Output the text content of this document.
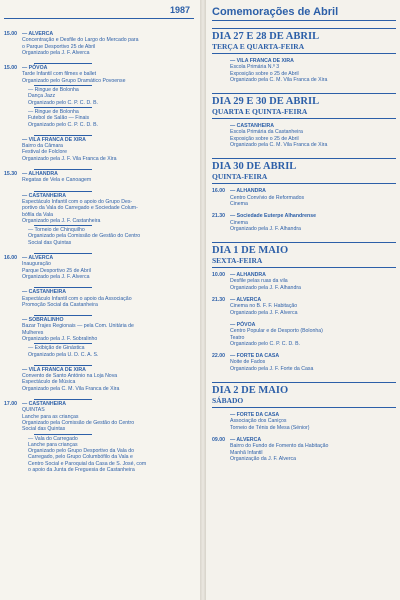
1987
15.00 — ALVERCA
Concentração e Desfile do Largo do Mercado para
o Parque Desportivo 25 de Abril
Organizado pela J. F. Alverca
15.00 — PÓVOA
Tarde Infantil com filmes e ballet
Organizado pelo Grupo Dramático Povoense
— Ringue de Bolonha
Dança Jazz
Organizado pelo C. P. C. D. B.
— Ringue de Bolonha
Futebol de Salão — Finais
Organizado pelo C. P. C. D. B.
— VILA FRANCA DE XIRA
Bairro da Câmara
Festival de Folclore
Organizado pela J. F. Vila Franca de Xira
15.30 — ALHANDRA
Regatas de Vela e Canoagem
— CASTANHEIRA
Espectáculo Infantil com o apoio do Grupo Des-
portivo da Vala do Carregado e Sociedade Colum-
bófila da Vala
Organizado pela J. F. Castanheira
— Torneio de Chinquilho
Organizado pela Comissão de Gestão do Centro
Social das Quintas
16.00 — ALVERCA
Inauguração
Parque Desportivo 25 de Abril
Organizado pela J. F. Alverca
— CASTANHEIRA
Espectáculo Infantil com o apoio da Associação
Promoção Social da Castanheira
— SOBRALINHO
Bazar Trajes Regionais — pela Com. Unitária de
Mulheres
Organizado pela J. F. Sobralinho
— Exibição de Ginástica
Organizado pela U. D. C. A. S.
— VILA FRANCA DE XIRA
Convento de Santo António na Loja Nova
Espectáculo de Música
Organizado pela C. M. Vila Franca de Xira
17.00 — CASTANHEIRA
QUINTAS
Lanche para as crianças
Organizado pela Comissão de Gestão do Centro
Social das Quintas
— Vala do Carregado
Lanche para crianças
Organizado pelo Grupo Desportivo da Vala do
Carregado, pelo Grupo Columbófilo da Vala e
Centro Social e Paroquial da Casa de S. José, com
o apoio da Junta de Freguesia de Castanheira
Comemorações de Abril
DIA 27 E 28 DE ABRIL
TERÇA E QUARTA-FEIRA
— VILA FRANCA DE XIRA
Escola Primária N.º 3
Exposição sobre o 25 de Abril
Organizado pela C. M. Vila Franca de Xira
DIA 29 E 30 DE ABRIL
QUARTA E QUINTA-FEIRA
— CASTANHEIRA
Escola Primária da Castanheira
Exposição sobre o 25 de Abril
Organizado pela C. M. Vila Franca de Xira
DIA 30 DE ABRIL
QUINTA-FEIRA
16.00 — ALHANDRA
Centro Convívio de Reformados
Cinema
21.30 — Sociedade Euterpe Alhandrense
Cinema
Organizado pela J. F. Alhandra
DIA 1 DE MAIO
SEXTA-FEIRA
10.00 — ALHANDRA
Desfile pelas ruas da vila
Organizado pela J. F. Alhandra
21.30 — ALVERCA
Cinema no B. F. F. Habitação
Organizado pela J. F. Alverca
— PÓVOA
Centro Popular e de Desporto (Bolonha)
Teatro
Organizado pelo C. P. C. D. B.
22.00 — FORTE DA CASA
Noite de Fados
Organizado pela J. F. Forte da Casa
DIA 2 DE MAIO
SÁBADO
— FORTE DA CASA
Associação dos Caniços
Torneio de Ténis de Mesa (Sénior)
09.00 — ALVERCA
Bairro do Fundo de Fomento da Habitação
Manhã Infantil
Organização da J. F. Alverca
